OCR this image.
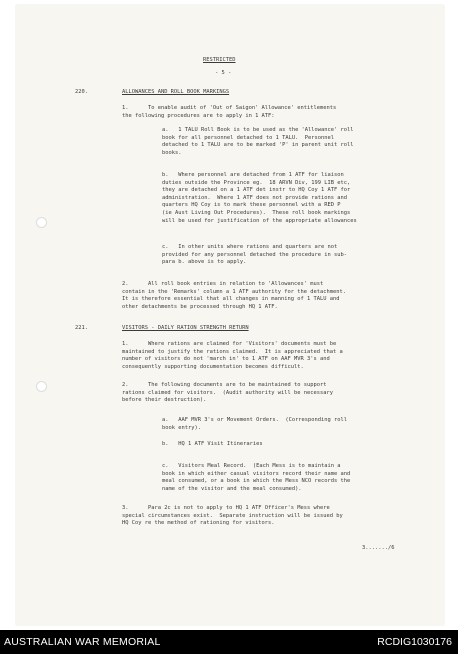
RESTRICTED
- 5 -
220.	ALLOWANCES AND ROLL BOOK MARKINGS
1.      To enable audit of 'Out of Saigon' Allowance' entitlements
the following procedures are to apply in 1 ATF:
a.   1 TALU Roll Book is to be used as the 'Allowance' roll
book for all personnel detached to 1 TALU.  Personnel
detached to 1 TALU are to be marked 'P' in parent unit roll
books.
b.   Where personnel are detached from 1 ATF for liaison
duties outside the Province eg.  18 ARVN Div, 199 LIB etc,
they are detached on a 1 ATF det instr to HQ Coy 1 ATF for
administration.  Where 1 ATF does not provide rations and
quarters HQ Coy is to mark these personnel with a RED P
(ie Aust Living Out Procedures).  These roll book markings
will be used for justification of the appropriate allowances
c.   In other units where rations and quarters are not
provided for any personnel detached the procedure in sub-
para b. above is to apply.
2.      All roll book entries in relation to 'Allowances' must
contain in the 'Remarks' column a 1 ATF authority for the detachment.
It is therefore essential that all changes in manning of 1 TALU and
other detachments be processed through HQ 1 ATF.
1.      Where rations are claimed for 'Visitors' documents must be
maintained to justify the rations claimed.  It is appreciated that a
number of visitors do not 'march in' to 1 ATF on AAF MVR 3's and
consequently supporting documentation becomes difficult.
2.      The following documents are to be maintained to support
rations claimed for visitors.  (Audit authority will be necessary
before their destruction).
a.   AAF MVR 3's or Movement Orders.  (Corresponding roll
book entry).
b.   HQ 1 ATF Visit Itineraries
c.   Visitors Meal Record.  (Each Mess is to maintain a
book in which either casual visitors record their name and
meal consumed, or a book in which the Mess NCO records the
name of the visitor and the meal consumed).
3.      Para 2c is not to apply to HQ 1 ATF Officer's Mess where
special circumstances exist.  Separate instruction will be issued by
HQ Coy re the method of rationing for visitors.
221.	VISITORS - DAILY RATION STRENGTH RETURN
3......./6
AUSTRALIAN WAR MEMORIAL	RCDIG1030176
